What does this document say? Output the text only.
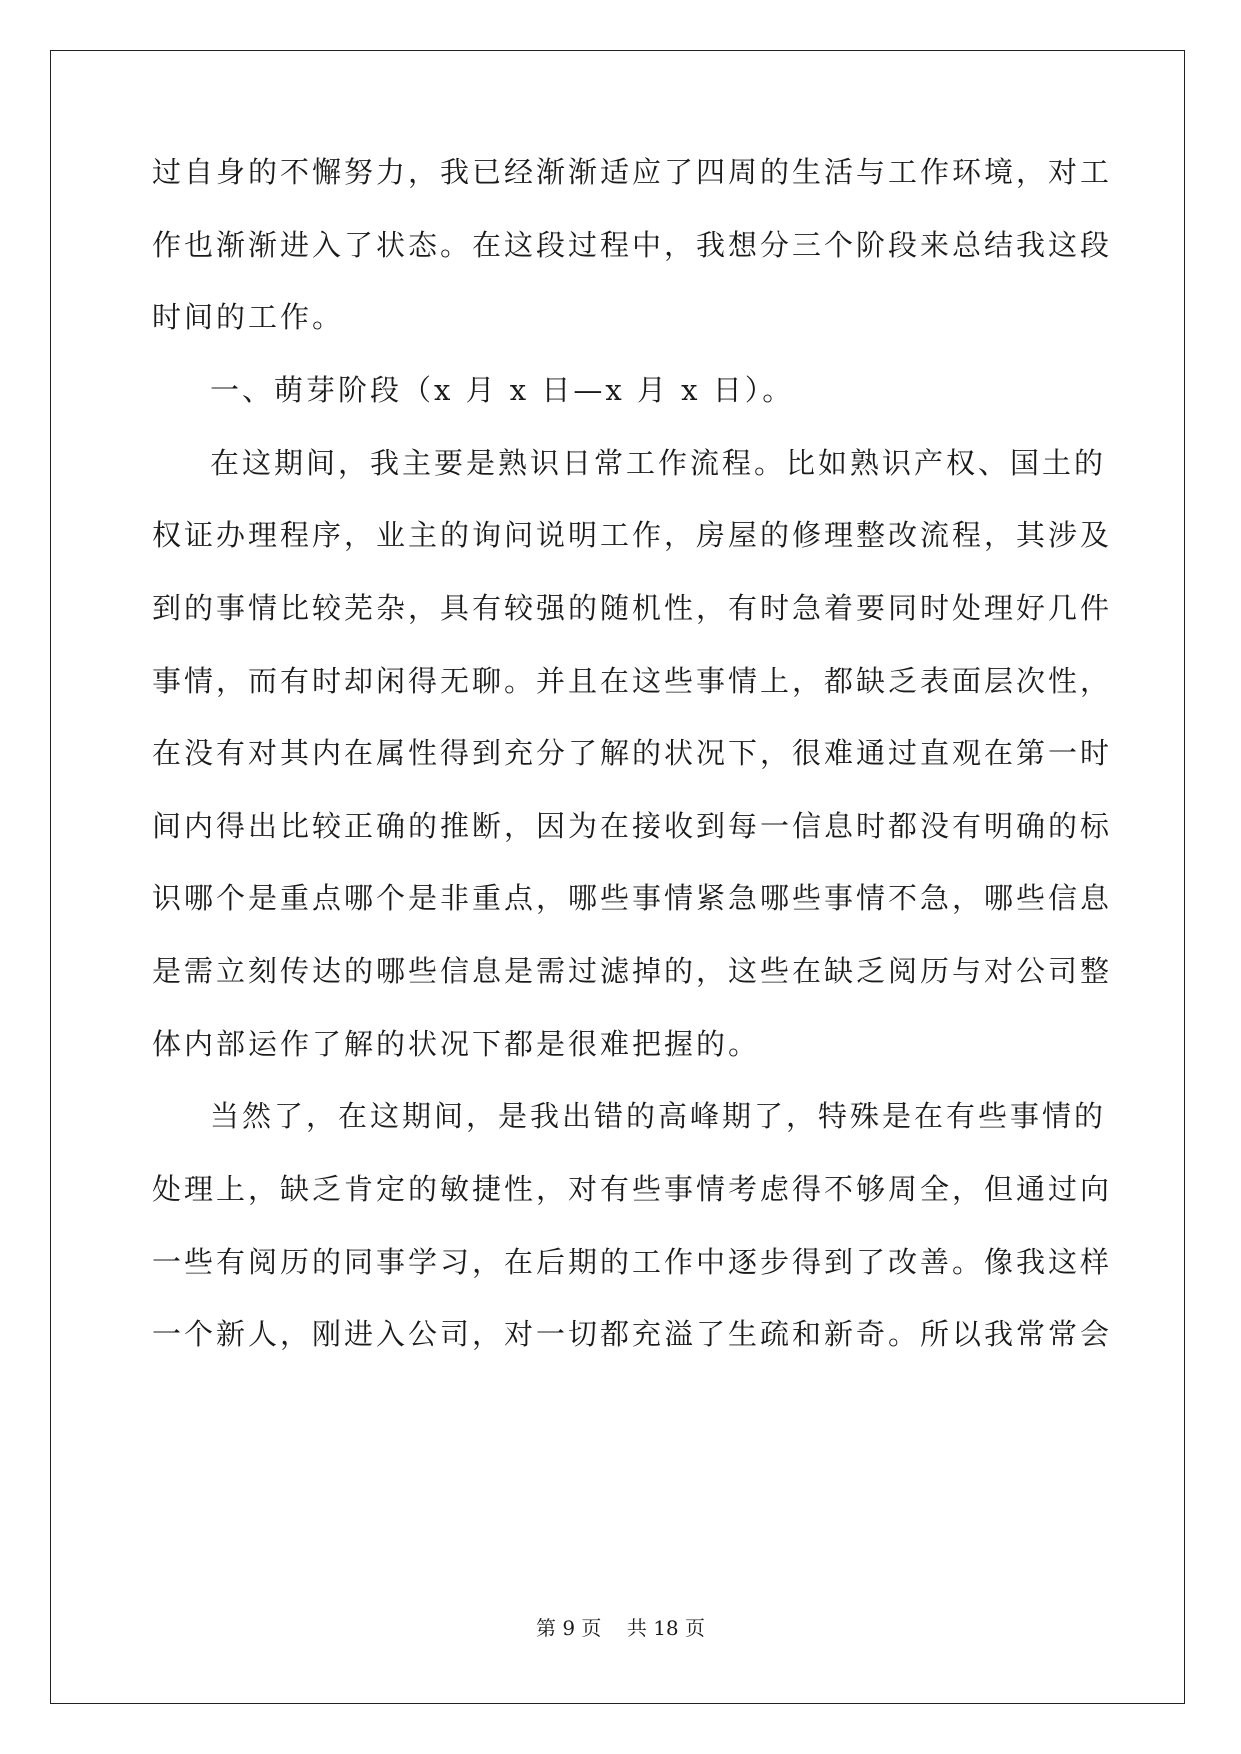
过自身的不懈努力，我已经渐渐适应了四周的生活与工作环境，对工
作也渐渐进入了状态。在这段过程中，我想分三个阶段来总结我这段
时间的工作。
一、萌芽阶段（x 月 x 日—x 月 x 日）。
在这期间，我主要是熟识日常工作流程。比如熟识产权、国土的
权证办理程序，业主的询问说明工作，房屋的修理整改流程，其涉及
到的事情比较芜杂，具有较强的随机性，有时急着要同时处理好几件
事情，而有时却闲得无聊。并且在这些事情上，都缺乏表面层次性，
在没有对其内在属性得到充分了解的状况下，很难通过直观在第一时
间内得出比较正确的推断，因为在接收到每一信息时都没有明确的标
识哪个是重点哪个是非重点，哪些事情紧急哪些事情不急，哪些信息
是需立刻传达的哪些信息是需过滤掉的，这些在缺乏阅历与对公司整
体内部运作了解的状况下都是很难把握的。
当然了，在这期间，是我出错的高峰期了，特殊是在有些事情的
处理上，缺乏肯定的敏捷性，对有些事情考虑得不够周全，但通过向
一些有阅历的同事学习，在后期的工作中逐步得到了改善。像我这样
一个新人，刚进入公司，对一切都充溢了生疏和新奇。所以我常常会
第 9 页    共 18 页
